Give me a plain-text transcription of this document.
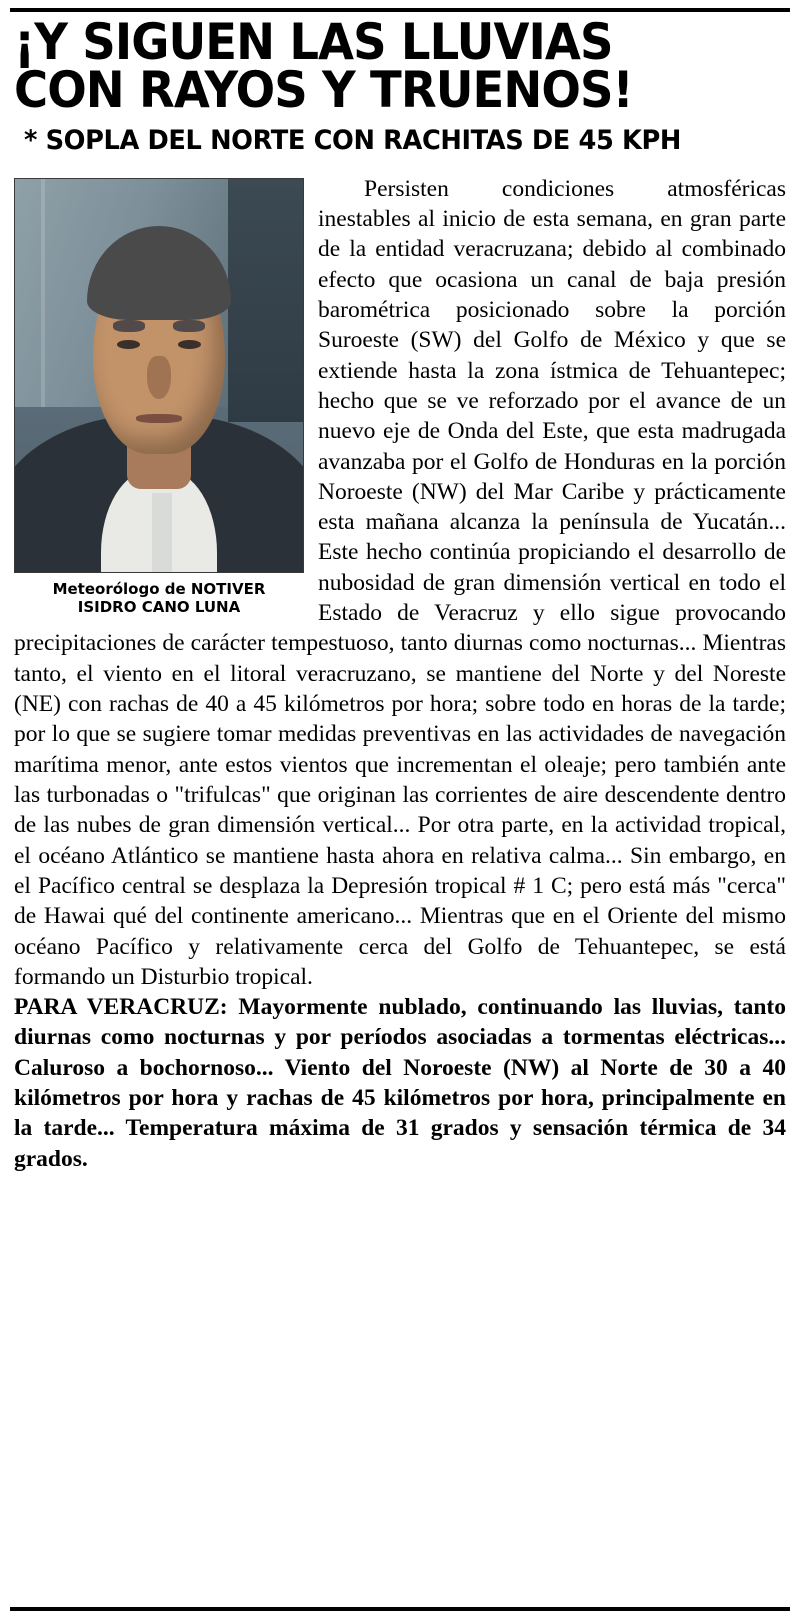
¡Y SIGUEN LAS LLUVIAS
CON RAYOS Y TRUENOS!
* SOPLA DEL NORTE CON RACHITAS DE 45 KPH
Meteorólogo de NOTIVER
ISIDRO CANO LUNA

Persisten condiciones atmosféricas inestables al inicio de esta semana, en gran parte de la entidad veracruzana; debido al combinado efecto que ocasiona un canal de baja presión barométrica posicionado sobre la porción Suroeste (SW) del Golfo de México y que se extiende hasta la zona ístmica de Tehuantepec; hecho que se ve reforzado por el avance de un nuevo eje de Onda del Este, que esta madrugada avanzaba por el Golfo de Honduras en la porción Noroeste (NW) del Mar Caribe y prácticamente esta mañana alcanza la península de Yucatán... Este hecho continúa propiciando el desarrollo de nubosidad de gran dimensión vertical en todo el Estado de Veracruz y ello sigue provocando precipitaciones de carácter tempestuoso, tanto diurnas como nocturnas... Mientras tanto, el viento en el litoral veracruzano, se mantiene del Norte y del Noreste (NE) con rachas de 40 a 45 kilómetros por hora; sobre todo en horas de la tarde; por lo que se sugiere tomar medidas preventivas en las actividades de navegación marítima menor, ante estos vientos que incrementan el oleaje; pero también ante las turbonadas o "trifulcas" que originan las corrientes de aire descendente dentro de las nubes de gran dimensión vertical... Por otra parte, en la actividad tropical, el océano Atlántico se mantiene hasta ahora en relativa calma... Sin embargo, en el Pacífico central se desplaza la Depresión tropical # 1 C; pero está más "cerca" de Hawai qué del continente americano... Mientras que en el Oriente del mismo océano Pacífico y relativamente cerca del Golfo de Tehuantepec, se está formando un Disturbio tropical.

PARA VERACRUZ: Mayormente nublado, continuando las lluvias, tanto diurnas como nocturnas y por períodos asociadas a tormentas eléctricas... Caluroso a bochornoso... Viento del Noroeste (NW) al Norte de 30 a 40 kilómetros por hora y rachas de 45 kilómetros por hora, principalmente en la tarde... Temperatura máxima de 31 grados y sensación térmica de 34 grados.
